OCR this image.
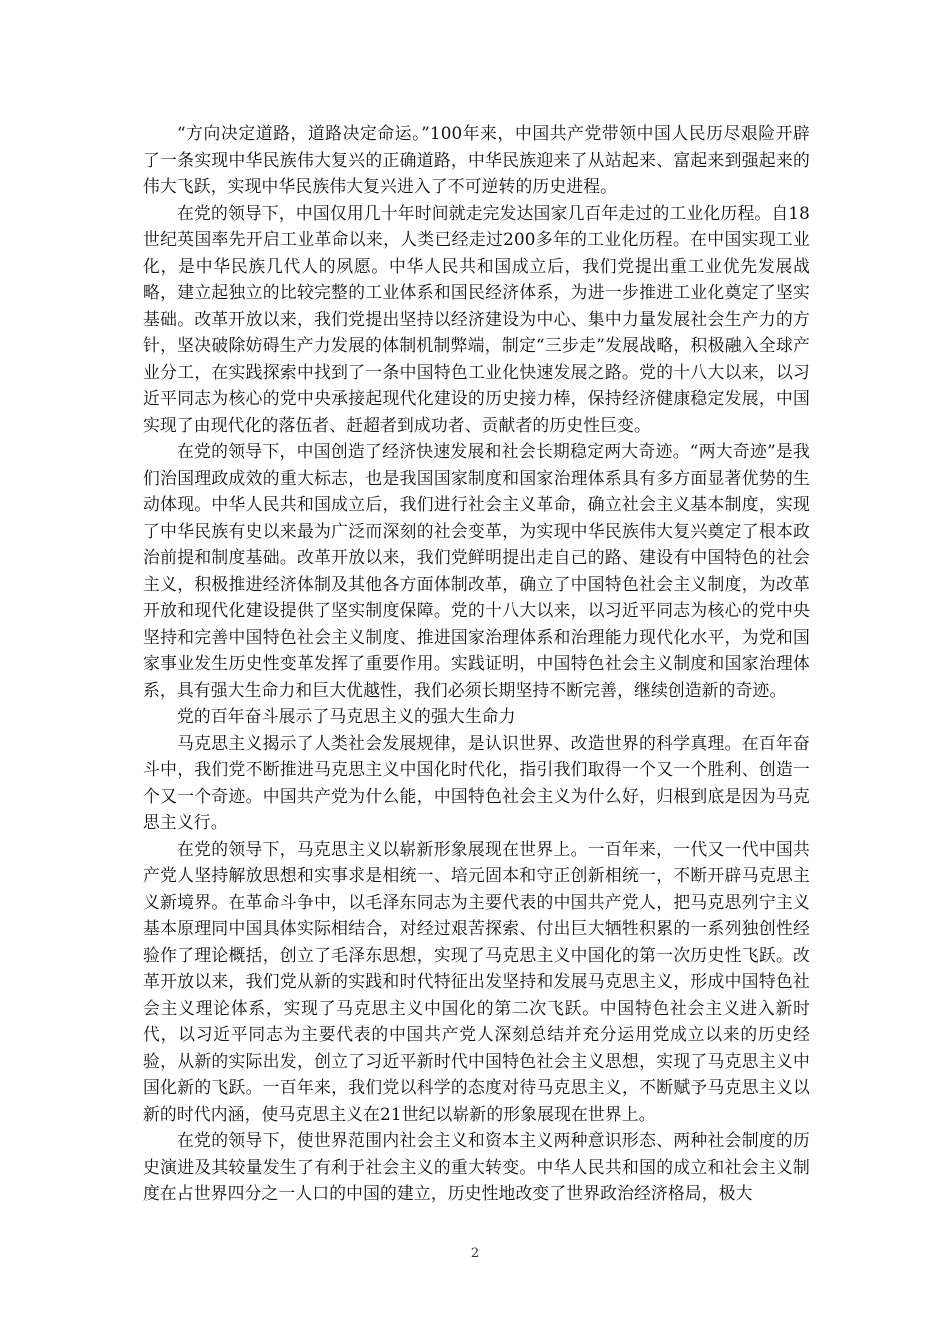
“方向决定道路，道路决定命运。”100年来，中国共产党带领中国人民历尽艰险开辟了一条实现中华民族伟大复兴的正确道路，中华民族迎来了从站起来、富起来到强起来的伟大飞跃，实现中华民族伟大复兴进入了不可逆转的历史进程。

在党的领导下，中国仅用几十年时间就走完发达国家几百年走过的工业化历程。自18世纪英国率先开启工业革命以来，人类已经走过200多年的工业化历程。在中国实现工业化，是中华民族几代人的夙愿。中华人民共和国成立后，我们党提出重工业优先发展战略，建立起独立的比较完整的工业体系和国民经济体系，为进一步推进工业化奠定了坚实基础。改革开放以来，我们党提出坚持以经济建设为中心、集中力量发展社会生产力的方针，坚决破除妨碍生产力发展的体制机制弊端，制定“三步走”发展战略，积极融入全球产业分工，在实践探索中找到了一条中国特色工业化快速发展之路。党的十八大以来，以习近平同志为核心的党中央承接起现代化建设的历史接力棒，保持经济健康稳定发展，中国实现了由现代化的落伍者、赶超者到成功者、贡献者的历史性巨变。

在党的领导下，中国创造了经济快速发展和社会长期稳定两大奇迹。“两大奇迹”是我们治国理政成效的重大标志，也是我国国家制度和国家治理体系具有多方面显著优势的生动体现。中华人民共和国成立后，我们进行社会主义革命，确立社会主义基本制度，实现了中华民族有史以来最为广泛而深刻的社会变革，为实现中华民族伟大复兴奠定了根本政治前提和制度基础。改革开放以来，我们党鲜明提出走自己的路、建设有中国特色的社会主义，积极推进经济体制及其他各方面体制改革，确立了中国特色社会主义制度，为改革开放和现代化建设提供了坚实制度保障。党的十八大以来，以习近平同志为核心的党中央坚持和完善中国特色社会主义制度、推进国家治理体系和治理能力现代化水平，为党和国家事业发生历史性变革发挥了重要作用。实践证明，中国特色社会主义制度和国家治理体系，具有强大生命力和巨大优越性，我们必须长期坚持不断完善，继续创造新的奇迹。

党的百年奋斗展示了马克思主义的强大生命力

马克思主义揭示了人类社会发展规律，是认识世界、改造世界的科学真理。在百年奋斗中，我们党不断推进马克思主义中国化时代化，指引我们取得一个又一个胜利、创造一个又一个奇迹。中国共产党为什么能，中国特色社会主义为什么好，归根到底是因为马克思主义行。

在党的领导下，马克思主义以崭新形象展现在世界上。一百年来，一代又一代中国共产党人坚持解放思想和实事求是相统一、培元固本和守正创新相统一，不断开辟马克思主义新境界。在革命斗争中，以毛泽东同志为主要代表的中国共产党人，把马克思列宁主义基本原理同中国具体实际相结合，对经过艰苦探索、付出巨大牺牲积累的一系列独创性经验作了理论概括，创立了毛泽东思想，实现了马克思主义中国化的第一次历史性飞跃。改革开放以来，我们党从新的实践和时代特征出发坚持和发展马克思主义，形成中国特色社会主义理论体系，实现了马克思主义中国化的第二次飞跃。中国特色社会主义进入新时代，以习近平同志为主要代表的中国共产党人深刻总结并充分运用党成立以来的历史经验，从新的实际出发，创立了习近平新时代中国特色社会主义思想，实现了马克思主义中国化新的飞跃。一百年来，我们党以科学的态度对待马克思主义，不断赋予马克思主义以新的时代内涵，使马克思主义在21世纪以崭新的形象展现在世界上。

在党的领导下，使世界范围内社会主义和资本主义两种意识形态、两种社会制度的历史演进及其较量发生了有利于社会主义的重大转变。中华人民共和国的成立和社会主义制度在占世界四分之一人口的中国的建立，历史性地改变了世界政治经济格局，极大

2
